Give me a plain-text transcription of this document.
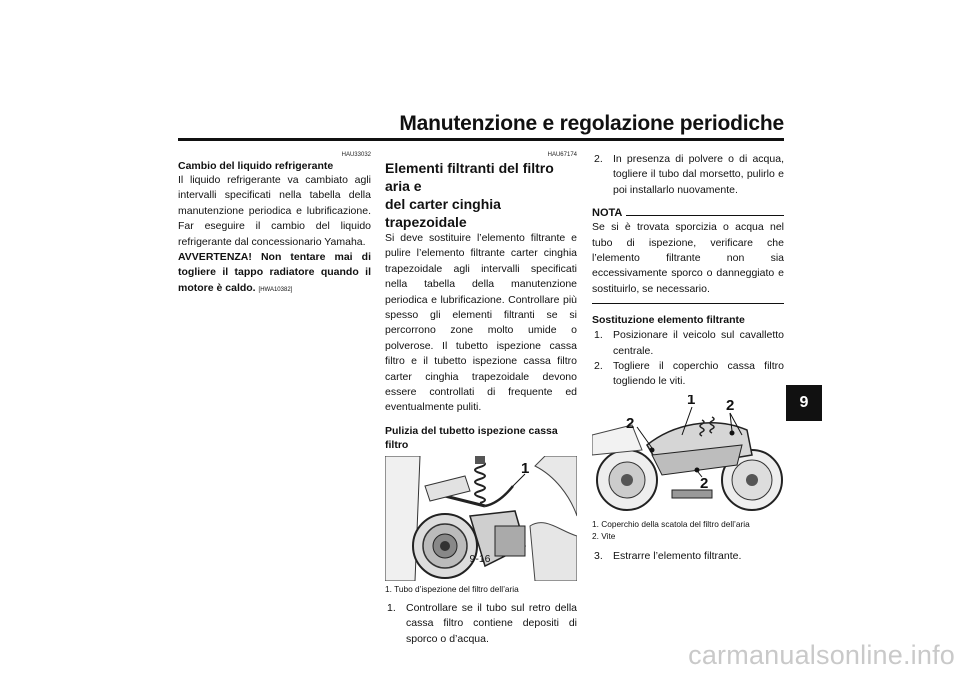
Manutenzione e regolazione periodiche
9
HAU33032
Cambio del liquido refrigerante
Il liquido refrigerante va cambiato agli intervalli specificati nella tabella della manutenzione periodica e lubrificazione. Far eseguire il cambio del liquido refrigerante dal concessionario Yamaha.
AVVERTENZA! Non tentare mai di togliere il tappo radiatore quando il motore è caldo. [HWA10382]
HAU67174
Elementi filtranti del filtro aria e
del carter cinghia trapezoidale
Si deve sostituire l’elemento filtrante e pulire l’elemento filtrante carter cinghia trapezoidale agli intervalli specificati nella tabella della manutenzione periodica e lubrificazione. Controllare più spesso gli elementi filtranti se si percorrono zone molto umide o polverose. Il tubetto ispezione cassa filtro e il tubetto ispezione cassa filtro carter cinghia trapezoidale devono essere controllati di frequente ed eventualmente puliti.
Pulizia del tubetto ispezione cassa filtro
1
1. Tubo d’ispezione del filtro dell’aria
1. Controllare se il tubo sul retro della cassa filtro contiene depositi di sporco o d’acqua.
2. In presenza di polvere o di acqua, togliere il tubo dal morsetto, pulirlo e poi installarlo nuovamente.
NOTA
Se si è trovata sporcizia o acqua nel tubo di ispezione, verificare che l’elemento filtrante non sia eccessivamente sporco o danneggiato e sostituirlo, se necessario.
Sostituzione elemento filtrante
1. Posizionare il veicolo sul cavalletto centrale.
2. Togliere il coperchio cassa filtro togliendo le viti.
1 2
2
2
1. Coperchio della scatola del filtro dell’aria
2. Vite
3. Estrarre l’elemento filtrante.
9-16
carmanualsonline.info
